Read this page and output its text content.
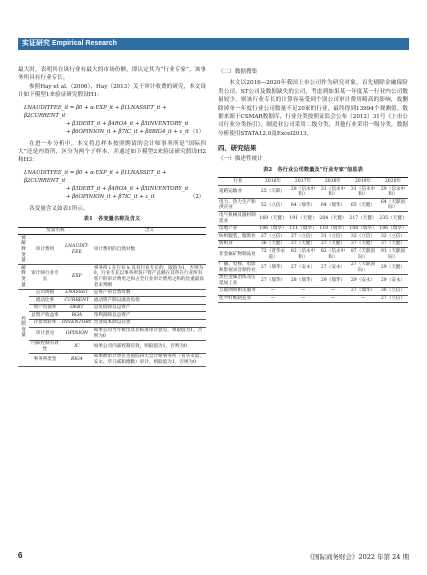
实证研究 Empirical Research

最大时，表明其在该行业有最大的市场份额，即认定其为“行业专家”，该事务所具有行业专长。

参照Hay et al.（2006）、Hay（2013）关于审计收费的研究，本文设计如下模型1来验证研究假设H1：

LNAUDITFEE_it = β0 + α·EXP_it + β1LNASSET_it + β2CURRENT_it
+ β3DEBT_it + β4ROA_it + β5INVENTORY_it
+ β6OPINION_it + β7IC_it + β8BIG4_it + ε_it （1）

在进一步分析中，本文将总样本按照聘请的会计师事务所是“国际四大”还是内资所，区分为两个子样本，并通过如下模型2来验证研究假设H2和H3：

LNAUDITFEE_it = β0 + α·EXP_it + β1LNASSET_it + β2CURRENT_it
+ β3DEBT_it + β4ROA_it + β5INVENTORY_it
+ β6OPINION_it + β7IC_it + ε_it	（2）

各变量含义如表1所示。

表1　各变量名称及含义
变量名称			含义
被解释变量	审计费用	LNAUDIT-FEE	审计费用的自然对数
解释变量	审计师行业专长	EXP	事务所 i 在行业 k 具有行业专长的，取值为1，否则为0，行业专长以事务所客户资产总额在其所在行业所有客户的审计费用之和占全行业审计费用之和的比重最高者来判断
控制变量	公司规模	LNASSET	总资产的自然对数
	流动比率	CURRENT	流动资产除以流动负债
	资产负债率	DEBT	总负债除以总资产
	总资产收益率	ROA	净利润除以总资产
	存货周转率	INVENTORY	营业成本除以存货
	审计意见	OPINION	如果公司当年被出具非标准审计意见，则取值为1，否则为0
	内部控制有效性	IC	如果公司内部控制有效，则取值为1，否则为0
	事务所类型	BIG4	如果被审计单位为国际四大会计师事务所（普华永道、安永、毕马威和德勤）审计，则取值为1，否则为0
（二）数据搜集

本文以2016—2020年我国上市公司作为研究对象，首先剔除金融保险类公司、ST公司及数据缺失的公司，考虑到如果某一年度某一行业内公司数量较少，则该行业专长的计算容易受到个别公司审计费用畸高的影响，故删除掉单一年度行业公司数量不足20家的行业，最终得到13994个观测值。数据来源于CSMAR数据库，行业分类按照证监会公布（2012）31号《上市公司行业分类指引》，制造业公司采用二级分类，其他行业采用一级分类。数据分析使用STATA12.0及Excel2013。

四、研究结果
（一）描述性统计
表2　各行业公司数量及“行业专家”信息表
行业	2016年	2017年	2018年	2019年	2020年
道路运输业	25（天职）	28（信永中和）	31（信永中和）	31（信永中和）	29（信永中和）
电力、热力生产和供应业	52（立信）	64（瑞华）	64（瑞华）	65（天健）	64（天职国际）
电气机械及器材制造业	169（天健）	191（天健）	204（天健）	217（天健）	235（天健）
房地产业	106（瑞华）	111（瑞华）	110（瑞华）	108（瑞华）	106（瑞华）
纺织服装、服饰业	27（立信）	27（立信）	31（立信）	32（立信）	32（立信）
纺织业	36（天健）	37（天健）	37（天健）	37（天健）	37（天健）
非金属矿物制品业	72（普华永道）	82（信永中和）	82（信永中和）	87（天职国际）	91（天职国际）
广播、电视、电影和影视录音制作业	27（瑞华）	27（安永）	27（安永）	27（天职国际）	29（天健）
黑色金属冶炼及压延加工业	27（瑞华）	28（瑞华）	29（瑞华）	29（安永）	29（安永）
互联网和相关服务	—	—	—	27（瑞华）	30（立信）
化学纤维制造业	—	—	—	—	27（立信）
6	《国际商务财会》2022 年第 24 期
